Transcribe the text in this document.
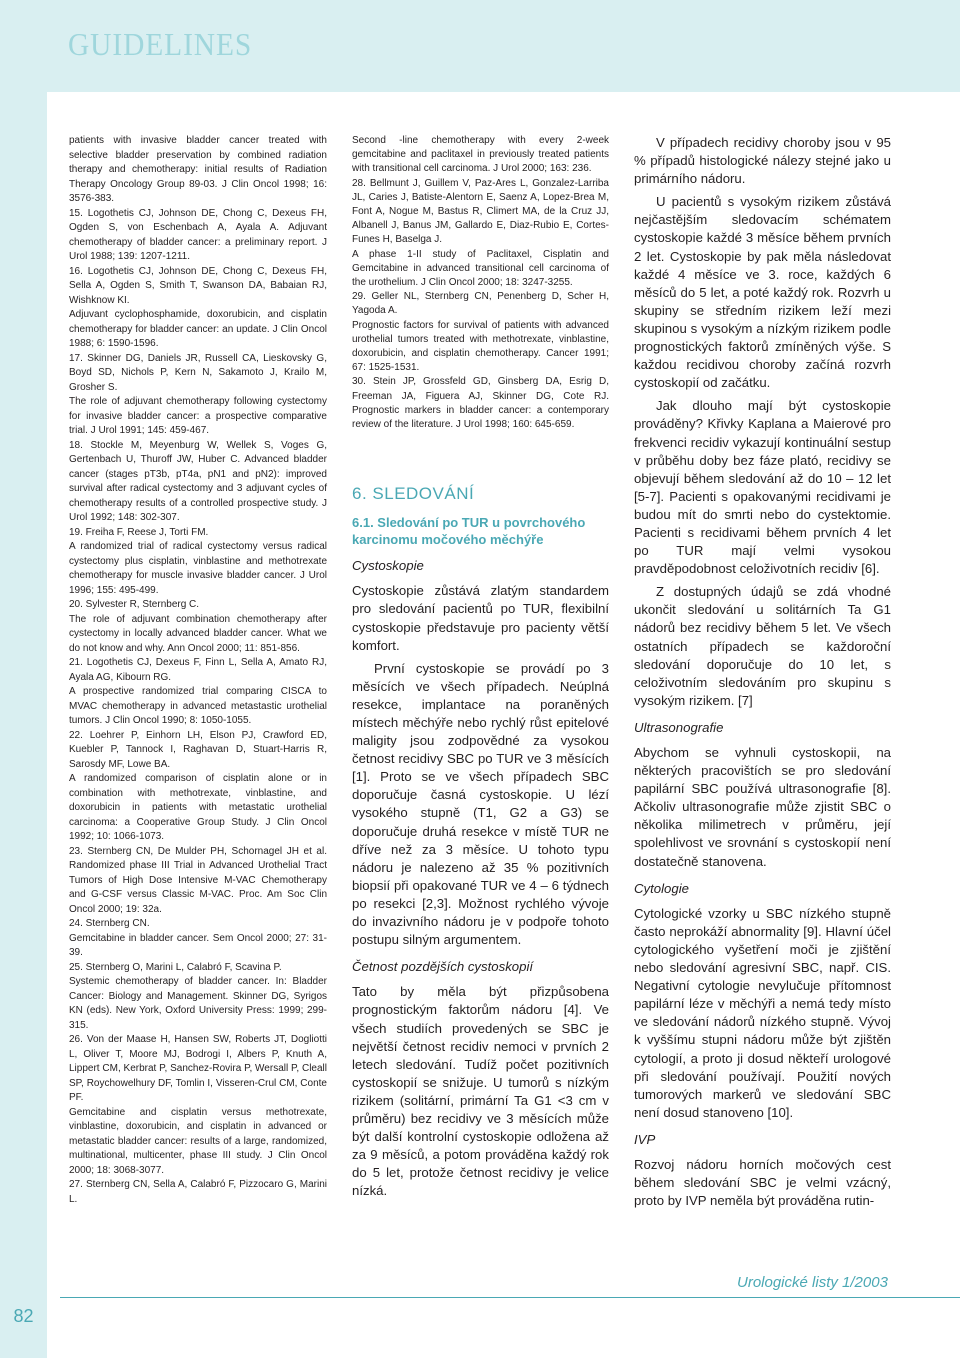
GUIDELINES
82

patients with invasive bladder cancer treated with selective bladder preservation by combined radiation therapy and chemotherapy: initial results of Radiation Therapy Oncology Group 89-03. J Clin Oncol 1998; 16: 3576-383.

15. Logothetis CJ, Johnson DE, Chong C, Dexeus FH, Ogden S, von Eschenbach A, Ayala A. Adjuvant chemotherapy of bladder cancer: a preliminary report. J Urol 1988; 139: 1207-1211.

16. Logothetis CJ, Johnson DE, Chong C, Dexeus FH, Sella A, Ogden S, Smith T, Swanson DA, Babaian RJ, Wishknow KI.

Adjuvant cyclophosphamide, doxorubicin, and cisplatin chemotherapy for bladder cancer: an update. J Clin Oncol 1988; 6: 1590-1596.

17. Skinner DG, Daniels JR, Russell CA, Lieskovsky G, Boyd SD, Nichols P, Kern N, Sakamoto J, Krailo M, Grosher S.

The role of adjuvant chemotherapy following cystectomy for invasive bladder cancer: a prospective comparative trial. J Urol 1991; 145: 459-467.

18. Stockle M, Meyenburg W, Wellek S, Voges G, Gertenbach U, Thuroff JW, Huber C. Advanced bladder cancer (stages pT3b, pT4a, pN1 and pN2): improved survival after radical cystectomy and 3 adjuvant cycles of chemotherapy results of a controlled prospective study. J Urol 1992; 148: 302-307.

19. Freiha F, Reese J, Torti FM.

A randomized trial of radical cystectomy versus radical cystectomy plus cisplatin, vinblastine and methotrexate chemotherapy for muscle invasive bladder cancer. J Urol 1996; 155: 495-499.

20. Sylvester R, Sternberg C.

The role of adjuvant combination chemotherapy after cystectomy in locally advanced bladder cancer. What we do not know and why. Ann Oncol 2000; 11: 851-856.

21. Logothetis CJ, Dexeus F, Finn L, Sella A, Amato RJ, Ayala AG, Kibourn RG.

A prospective randomized trial comparing CISCA to MVAC chemotherapy in advanced metastastic urothelial tumors. J Clin Oncol 1990; 8: 1050-1055.

22. Loehrer P, Einhorn LH, Elson PJ, Crawford ED, Kuebler P, Tannock I, Raghavan D, Stuart-Harris R, Sarosdy MF, Lowe BA.

A randomized comparison of cisplatin alone or in combination with methotrexate, vinblastine, and doxorubicin in patients with metastatic urothelial carcinoma: a Cooperative Group Study. J Clin Oncol 1992; 10: 1066-1073.

23. Sternberg CN, De Mulder PH, Schornagel JH et al. Randomized phase III Trial in Advanced Urothelial Tract Tumors of High Dose Intensive M-VAC Chemotherapy and G-CSF versus Classic M-VAC. Proc. Am Soc Clin Oncol 2000; 19: 32a.

24. Sternberg CN.

Gemcitabine in bladder cancer. Sem Oncol 2000; 27: 31-39.

25. Sternberg O, Marini L, Calabró F, Scavina P.

Systemic chemotherapy of bladder cancer. In: Bladder Cancer: Biology and Management. Skinner DG, Syrigos KN (eds). New York, Oxford University Press: 1999; 299-315.

26. Von der Maase H, Hansen SW, Roberts JT, Dogliotti L, Oliver T, Moore MJ, Bodrogi I, Albers P, Knuth A, Lippert CM, Kerbrat P, Sanchez-Rovira P, Wersall P, Cleall SP, Roychowelhury DF, Tomlin I, Visseren-Crul CM, Conte PF.

Gemcitabine and cisplatin versus methotrexate, vinblastine, doxorubicin, and cisplatin in advanced or metastatic bladder cancer: results of a large, randomized, multinational, multicenter, phase III study. J Clin Oncol 2000; 18: 3068-3077.

27. Sternberg CN, Sella A, Calabró F, Pizzocaro G, Marini L.

Second -line chemotherapy with every 2-week gemcitabine and paclitaxel in previously treated patients with transitional cell carcinoma. J Urol 2000; 163: 236.

28. Bellmunt J, Guillem V, Paz-Ares L, Gonzalez-Larriba JL, Caries J, Batiste-Alentorn E, Saenz A, Lopez-Brea M, Font A, Nogue M, Bastus R, Climert MA, de la Cruz JJ, Albanell J, Banus JM, Gallardo E, Diaz-Rubio E, Cortes-Funes H, Baselga J.

A phase 1-II study of Paclitaxel, Cisplatin and Gemcitabine in advanced transitional cell carcinoma of the urothelium. J Clin Oncol 2000; 18: 3247-3255.

29. Geller NL, Sternberg CN, Penenberg D, Scher H, Yagoda A.

Prognostic factors for survival of patients with advanced urothelial tumors treated with methotrexate, vinblastine, doxorubicin, and cisplatin chemotherapy. Cancer 1991; 67: 1525-1531.

30. Stein JP, Grossfeld GD, Ginsberg DA, Esrig D, Freeman JA, Figuera AJ, Skinner DG, Cote RJ. Prognostic markers in bladder cancer: a contemporary review of the literature. J Urol 1998; 160: 645-659.

6. SLEDOVÁNÍ
6.1. Sledování po TUR u povrchového karcinomu močového měchýře

Cystoskopie

Cystoskopie zůstává zlatým standardem pro sledování pacientů po TUR, flexibilní cystoskopie představuje pro pacienty větší komfort.

První cystoskopie se provádí po 3 měsících ve všech případech. Neúplná resekce, implantace na poraněných místech měchýře nebo rychlý růst epitelové maligity jsou zodpovědné za vysokou četnost recidivy SBC po TUR ve 3 měsících [1]. Proto se ve všech případech SBC doporučuje časná cystoskopie. U lézí vysokého stupně (T1, G2 a G3) se doporučuje druhá resekce v místě TUR ne dříve než za 3 měsíce. U tohoto typu nádoru je nalezeno až 35 % pozitivních biopsií při opakované TUR ve 4 – 6 týdnech po resekci [2,3]. Možnost rychlého vývoje do invazivního nádoru je v podpoře tohoto postupu silným argumentem.

Četnost pozdějších cystoskopií

Tato by měla být přizpůsobena prognostickým faktorům nádoru [4]. Ve všech studiích provedených se SBC je největší četnost recidiv nemoci v prvních 2 letech sledování. Tudíž počet pozitivních cystoskopií se snižuje. U tumorů s nízkým rizikem (solitární, primární Ta G1 <3 cm v průměru) bez recidivy ve 3 měsících může být další kontrolní cystoskopie odložena až za 9 měsíců, a potom prováděna každý rok do 5 let, protože četnost recidivy je velice nízká.

V případech recidivy choroby jsou v 95 % případů histologické nálezy stejné jako u primárního nádoru.

U pacientů s vysokým rizikem zůstává nejčastějším sledovacím schématem cystoskopie každé 3 měsíce během prvních 2 let. Cystoskopie by pak měla následovat každé 4 měsíce ve 3. roce, každých 6 měsíců do 5 let, a poté každý rok. Rozvrh u skupiny se středním rizikem leží mezi skupinou s vysokým a nízkým rizikem podle prognostických faktorů zmíněných výše. S každou recidivou choroby začíná rozvrh cystoskopií od začátku.

Jak dlouho mají být cystoskopie prováděny? Křivky Kaplana a Maierové pro frekvenci recidiv vykazují kontinuální sestup v průběhu doby bez fáze plató, recidivy se objevují během sledování až do 10 – 12 let [5-7]. Pacienti s opakovanými recidivami je budou mít do smrti nebo do cystektomie. Pacienti s recidivami během prvních 4 let po TUR mají velmi vysokou pravděpodobnost celoživotních recidiv [6].

Z dostupných údajů se zdá vhodné ukončit sledování u solitárních Ta G1 nádorů bez recidivy během 5 let. Ve všech ostatních případech se každoroční sledování doporučuje do 10 let, s celoživotním sledováním pro skupinu s vysokým rizikem. [7]

Ultrasonografie

Abychom se vyhnuli cystoskopii, na některých pracovištích se pro sledování papilární SBC používá ultrasonografie [8]. Ačkoliv ultrasonografie může zjistit SBC o několika milimetrech v průměru, její spolehlivost ve srovnání s cystoskopií není dostatečně stanovena.

Cytologie

Cytologické vzorky u SBC nízkého stupně často neprokáží abnormality [9]. Hlavní účel cytologického vyšetření moči je zjištění nebo sledování agresivní SBC, např. CIS. Negativní cytologie nevylučuje přítomnost papilární léze v měchýři a nemá tedy místo ve sledování nádorů nízkého stupně. Vývoj k vyššímu stupni nádoru může být zjištěn cytologií, a proto ji dosud někteří urologové při sledování používají. Použití nových tumorových markerů ve sledování SBC není dosud stanoveno [10].

IVP

Rozvoj nádoru horních močových cest během sledování SBC je velmi vzácný, proto by IVP neměla být prováděna rutin-

Urologické listy 1/2003
